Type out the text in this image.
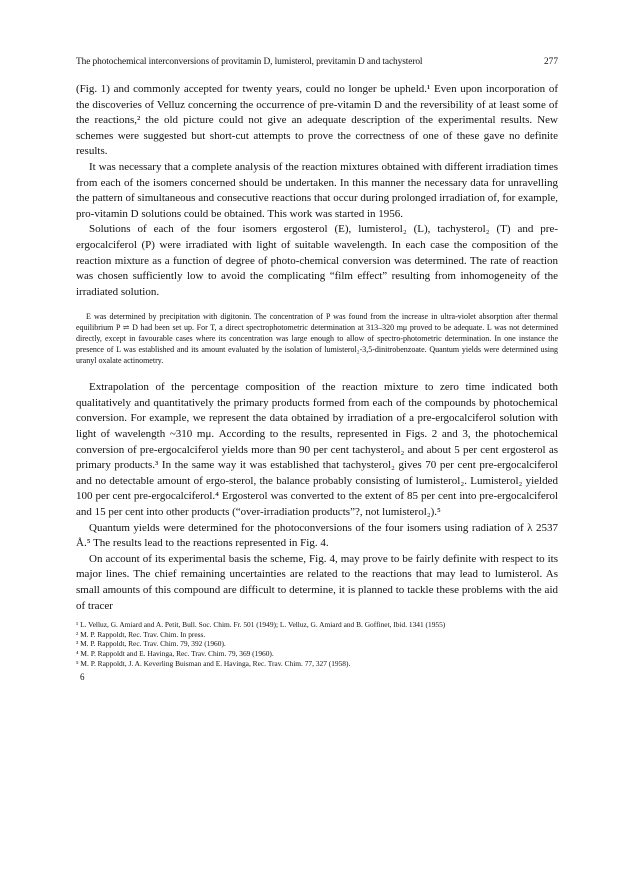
The photochemical interconversions of provitamin D, lumisterol, previtamin D and tachysterol	277

(Fig. 1) and commonly accepted for twenty years, could no longer be upheld.¹ Even upon incorporation of the discoveries of Velluz concerning the occurrence of pre-vitamin D and the reversibility of at least some of the reactions,² the old picture could not give an adequate description of the experimental results. New schemes were suggested but short-cut attempts to prove the correctness of one of these gave no definite results.

It was necessary that a complete analysis of the reaction mixtures obtained with different irradiation times from each of the isomers concerned should be undertaken. In this manner the necessary data for unravelling the pattern of simultaneous and consecutive reactions that occur during prolonged irradiation of, for example, pro-vitamin D solutions could be obtained. This work was started in 1956.

Solutions of each of the four isomers ergosterol (E), lumisterol₂ (L), tachysterol₂ (T) and pre-ergocalciferol (P) were irradiated with light of suitable wavelength. In each case the composition of the reaction mixture as a function of degree of photo-chemical conversion was determined. The rate of reaction was chosen sufficiently low to avoid the complicating “film effect” resulting from inhomogeneity of the irradiated solution.

E was determined by precipitation with digitonin. The concentration of P was found from the increase in ultra-violet absorption after thermal equilibrium P ⇌ D had been set up. For T, a direct spectrophotometric determination at 313–320 mμ proved to be adequate. L was not determined directly, except in favourable cases where its concentration was large enough to allow of spectro-photometric determination. In one instance the presence of L was established and its amount evaluated by the isolation of lumisterol₂-3,5-dinitrobenzoate. Quantum yields were determined using uranyl oxalate actinometry.

Extrapolation of the percentage composition of the reaction mixture to zero time indicated both qualitatively and quantitatively the primary products formed from each of the compounds by photochemical conversion. For example, we represent the data obtained by irradiation of a pre-ergocalciferol solution with light of wavelength ~310 mμ. According to the results, represented in Figs. 2 and 3, the photochemical conversion of pre-ergocalciferol yields more than 90 per cent tachysterol₂ and about 5 per cent ergosterol as primary products.³ In the same way it was established that tachysterol₂ gives 70 per cent pre-ergocalciferol and no detectable amount of ergo-sterol, the balance probably consisting of lumisterol₂. Lumisterol₂ yielded 100 per cent pre-ergocalciferol.⁴ Ergosterol was converted to the extent of 85 per cent into pre-ergocalciferol and 15 per cent into other products (“over-irradiation products”?, not lumisterol₂).⁵

Quantum yields were determined for the photoconversions of the four isomers using radiation of λ 2537 Å.⁵ The results lead to the reactions represented in Fig. 4.

On account of its experimental basis the scheme, Fig. 4, may prove to be fairly definite with respect to its major lines. The chief remaining uncertainties are related to the reactions that may lead to lumisterol. As small amounts of this compound are difficult to determine, it is planned to tackle these problems with the aid of tracer

¹ L. Velluz, G. Amiard and A. Petit, Bull. Soc. Chim. Fr. 501 (1949); L. Velluz, G. Amiard and B. Goffinet, Ibid. 1341 (1955)

² M. P. Rappoldt, Rec. Trav. Chim. In press.

³ M. P. Rappoldt, Rec. Trav. Chim. 79, 392 (1960).

⁴ M. P. Rappoldt and E. Havinga, Rec. Trav. Chim. 79, 369 (1960).

⁵ M. P. Rappoldt, J. A. Keverling Buisman and E. Havinga, Rec. Trav. Chim. 77, 327 (1958).

6
